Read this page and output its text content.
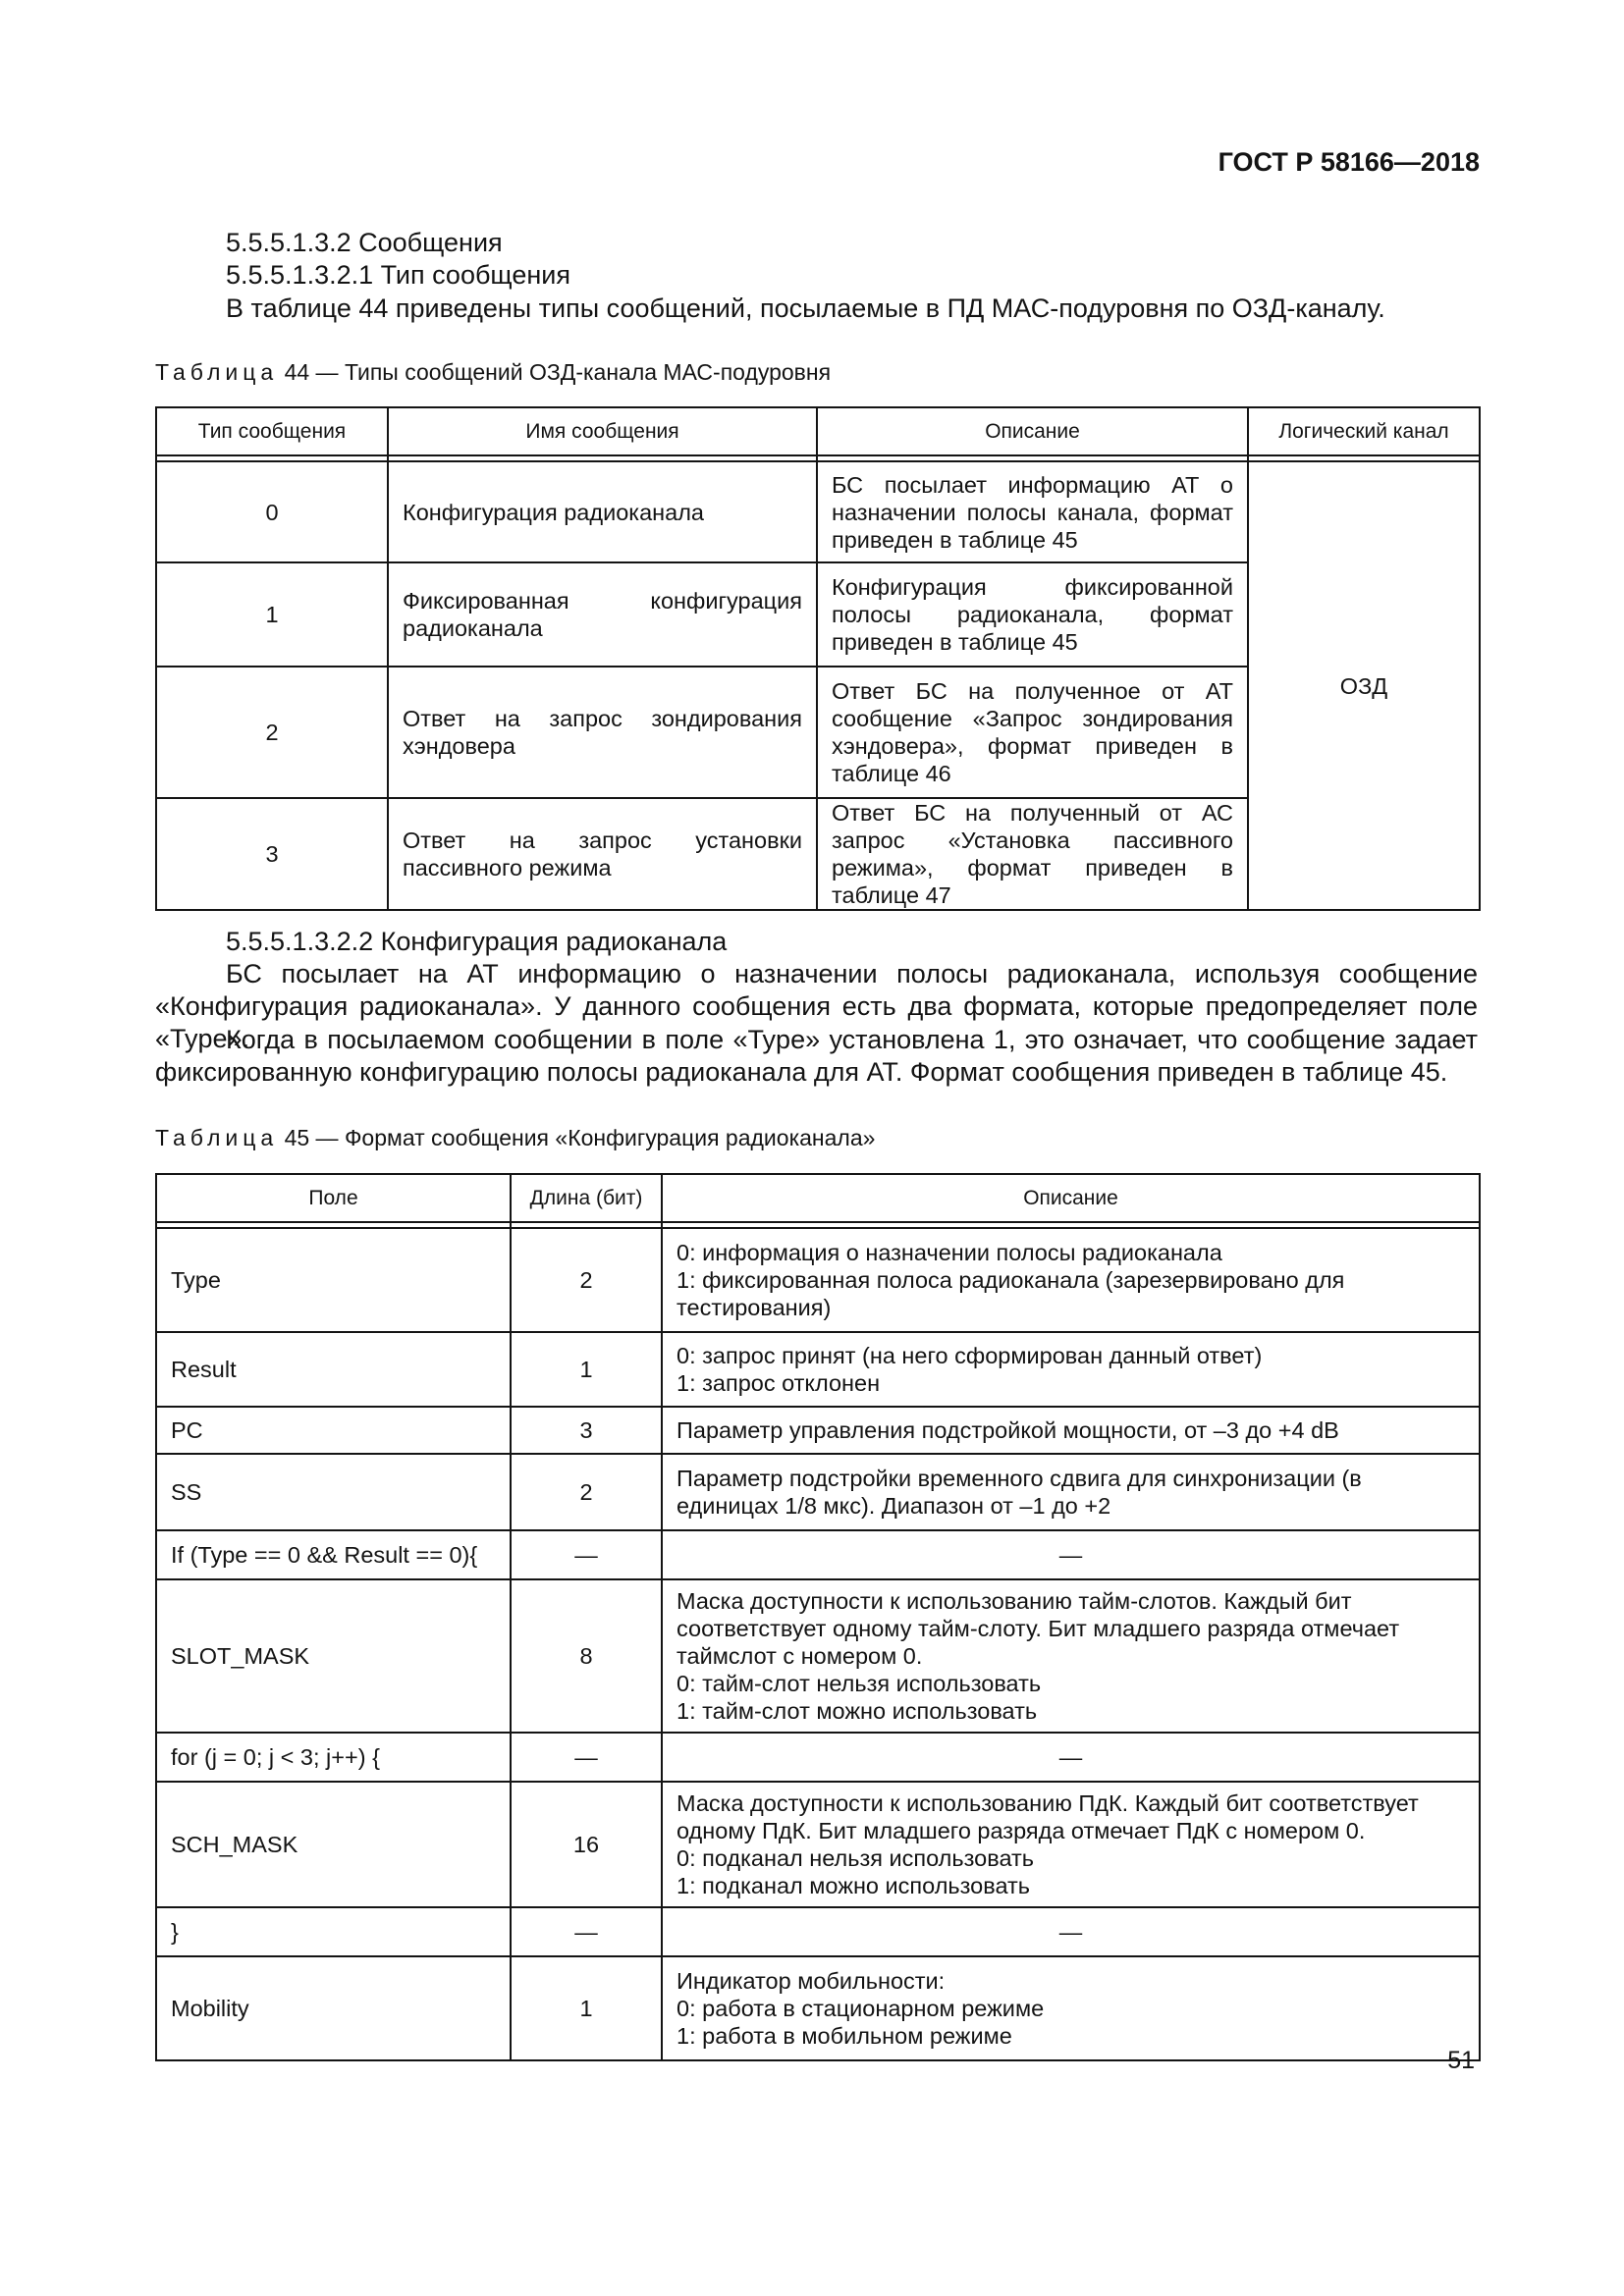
ГОСТ Р 58166—2018
5.5.5.1.3.2 Сообщения
5.5.5.1.3.2.1 Тип сообщения
В таблице 44 приведены типы сообщений, посылаемые в ПД МАС-подуровня по ОЗД-каналу.
Таблица 44 — Типы сообщений ОЗД-канала МАС-подуровня
Тип сообщения	Имя сообщения	Описание	Логический канал

0	Конфигурация радиоканала	БС посылает информацию АТ о назначении полосы канала, формат приведен в таблице 45	ОЗД
1	Фиксированная конфигурация радиоканала	Конфигурация фиксированной полосы радиоканала, формат приведен в таблице 45	
2	Ответ на запрос зондирования хэндовера	Ответ БС на полученное от АТ сообщение «Запрос зондирования хэндовера», формат приведен в таблице 46	
3	Ответ на запрос установки пассивного режима	Ответ БС на полученный от АС запрос «Установка пассивного режима», формат приведен в таблице 47	
5.5.5.1.3.2.2 Конфигурация радиоканала
БС посылает на АТ информацию о назначении полосы радиоканала, используя сообщение «Конфигурация радиоканала». У данного сообщения есть два формата, которые предопределяет поле «Type».
Когда в посылаемом сообщении в поле «Type» установлена 1, это означает, что сообщение задает фиксированную конфигурацию полосы радиоканала для АТ. Формат сообщения приведен в таблице 45.
Таблица 45 — Формат сообщения «Конфигурация радиоканала»
Поле	Длина (бит)	Описание

Type	2	0: информация о назначении полосы радиоканала
1: фиксированная полоса радиоканала (зарезервировано для тестирования)
Result	1	0: запрос принят (на него сформирован данный ответ)
1: запрос отклонен
PC	3	Параметр управления подстройкой мощности, от –3 до +4 dB
SS	2	Параметр подстройки временного сдвига для синхронизации (в единицах 1/8 мкс). Диапазон от –1 до +2
If (Type == 0 && Result == 0){	—	—
SLOT_MASK	8	Маска доступности к использованию тайм-слотов. Каждый бит соответствует одному тайм-слоту. Бит младшего разряда отмечает таймслот с номером 0.
0: тайм-слот нельзя использовать
1: тайм-слот можно использовать
for (j = 0; j < 3; j++) {	—	—
SCH_MASK	16	Маска доступности к использованию ПдК. Каждый бит соответствует одному ПдК. Бит младшего разряда отмечает ПдК с номером 0.
0: подканал нельзя использовать
1: подканал можно использовать
}	—	—
Mobility	1	Индикатор мобильности:
0: работа в стационарном режиме
1: работа в мобильном режиме
51
